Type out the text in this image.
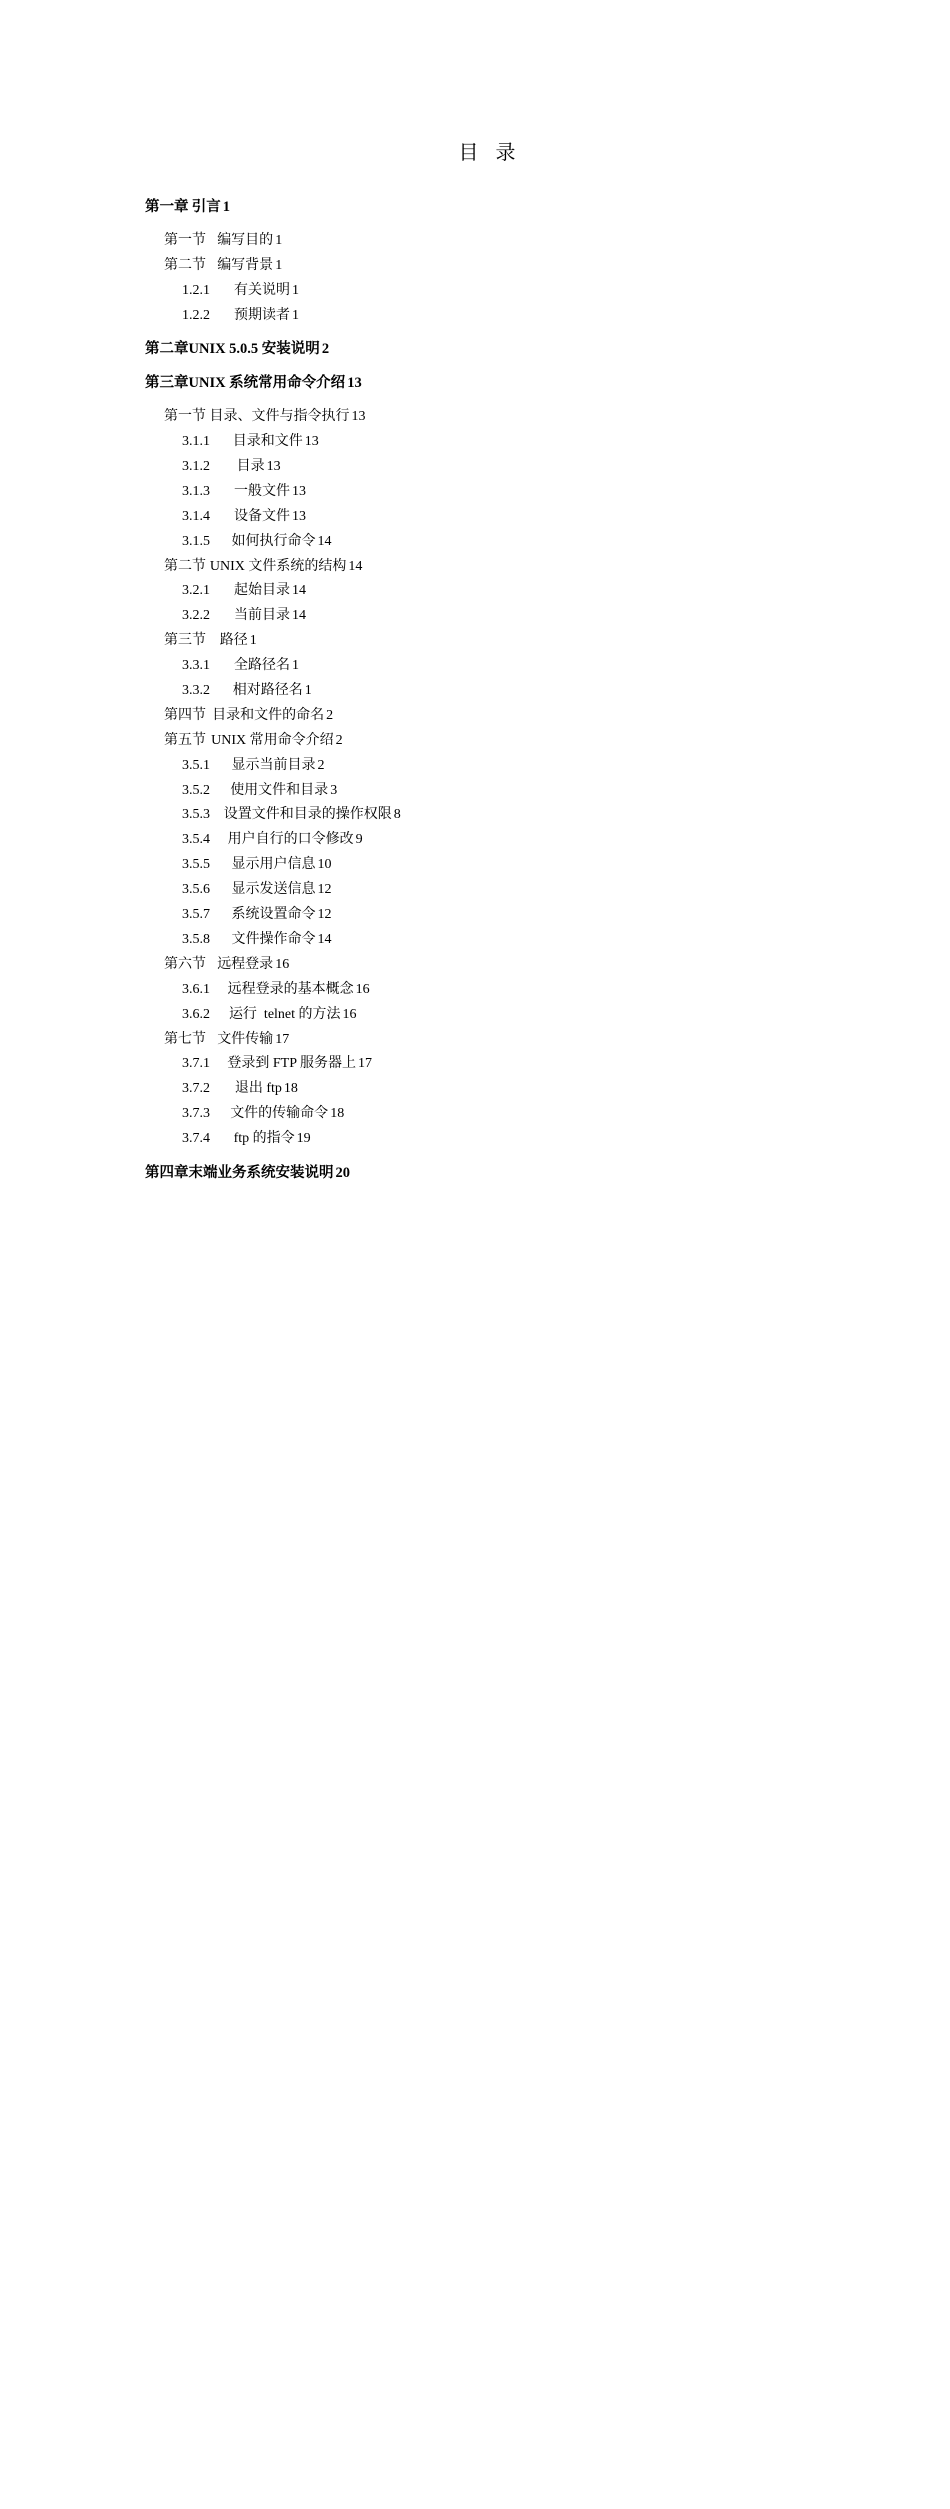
目 录
第一章 引言 1
第一节 编写目的 1
第二节 编写背景 1
1.2.1	有关说明 1
1.2.2	预期读者 1
第二章 UNIX 5.0.5 安装说明 2
第三章 UNIX 系统常用命令介绍 13
第一节 目录、文件与指令执行 13
3.1.1	目录和文件 13
3.1.2	目录 13
3.1.3	一般文件 13
3.1.4	设备文件 13
3.1.5	如何执行命令 14
第二节 UNIX 文件系统的结构 14
3.2.1	起始目录 14
3.2.2	当前目录 14
第三节 路径 1
3.3.1	全路径名 1
3.3.2	相对路径名 1
第四节 目录和文件的命名 2
第五节 UNIX 常用命令介绍 2
3.5.1	显示当前目录 2
3.5.2	使用文件和目录 3
3.5.3 设置文件和目录的操作权限 8
3.5.4	用户自行的口令修改 9
3.5.5	显示用户信息 10
3.5.6	显示发送信息 12
3.5.7	系统设置命令 12
3.5.8	文件操作命令 14
第六节 远程登录 16
3.6.1	远程登录的基本概念 16
3.6.2	运行  telnet 的方法 16
第七节 文件传输 17
3.7.1	登录到 FTP 服务器上 17
3.7.2	退出 ftp 18
3.7.3	文件的传输命令 18
3.7.4	ftp 的指令 19
第四章 末端业务系统安装说明 20
